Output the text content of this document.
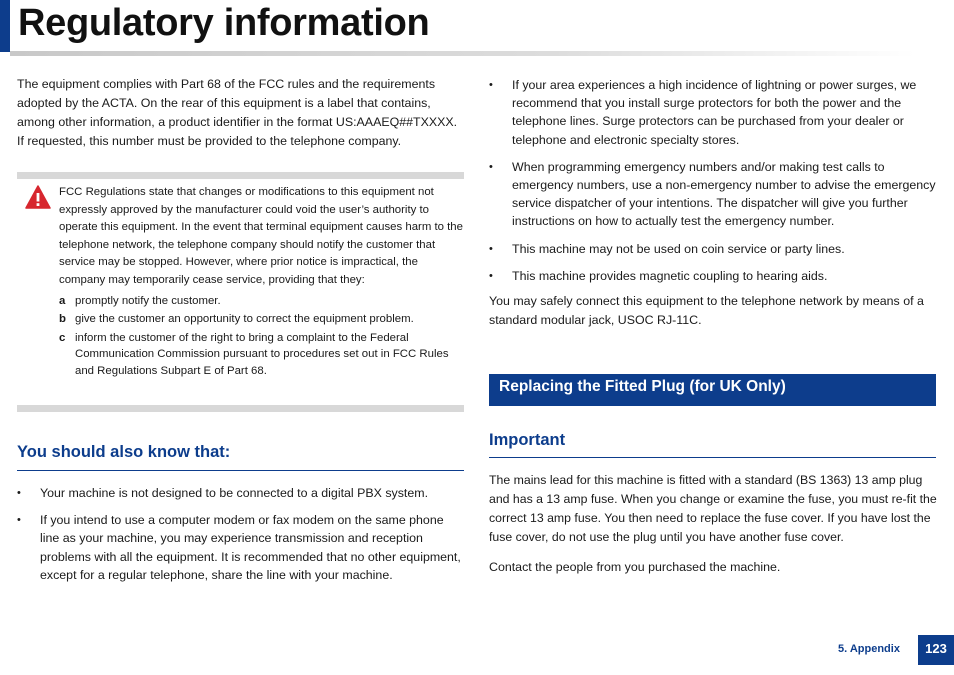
Regulatory information
The equipment complies with Part 68 of the FCC rules and the requirements adopted by the ACTA. On the rear of this equipment is a label that contains, among other information, a product identifier in the format US:AAAEQ##TXXXX. If requested, this number must be provided to the telephone company.
FCC Regulations state that changes or modifications to this equipment not expressly approved by the manufacturer could void the user’s authority to operate this equipment. In the event that terminal equipment causes harm to the telephone network, the telephone company should notify the customer that service may be stopped. However, where prior notice is impractical, the company may temporarily cease service, providing that they:
a promptly notify the customer.
b give the customer an opportunity to correct the equipment problem.
c inform the customer of the right to bring a complaint to the Federal Communication Commission pursuant to procedures set out in FCC Rules and Regulations Subpart E of Part 68.
You should also know that:
•	Your machine is not designed to be connected to a digital PBX system.
•	If you intend to use a computer modem or fax modem on the same phone line as your machine, you may experience transmission and reception problems with all the equipment. It is recommended that no other equipment, except for a regular telephone, share the line with your machine.
•	If your area experiences a high incidence of lightning or power surges, we recommend that you install surge protectors for both the power and the telephone lines. Surge protectors can be purchased from your dealer or telephone and electronic specialty stores.
•	When programming emergency numbers and/or making test calls to emergency numbers, use a non-emergency number to advise the emergency service dispatcher of your intentions. The dispatcher will give you further instructions on how to actually test the emergency number.
•	This machine may not be used on coin service or party lines.
•	This machine provides magnetic coupling to hearing aids.
You may safely connect this equipment to the telephone network by means of a standard modular jack, USOC RJ-11C.
Replacing the Fitted Plug (for UK Only)
Important
The mains lead for this machine is fitted with a standard (BS 1363) 13 amp plug and has a 13 amp fuse. When you change or examine the fuse, you must re-fit the correct 13 amp fuse. You then need to replace the fuse cover. If you have lost the fuse cover, do not use the plug until you have another fuse cover.
Contact the people from you purchased the machine.
5. Appendix	123
